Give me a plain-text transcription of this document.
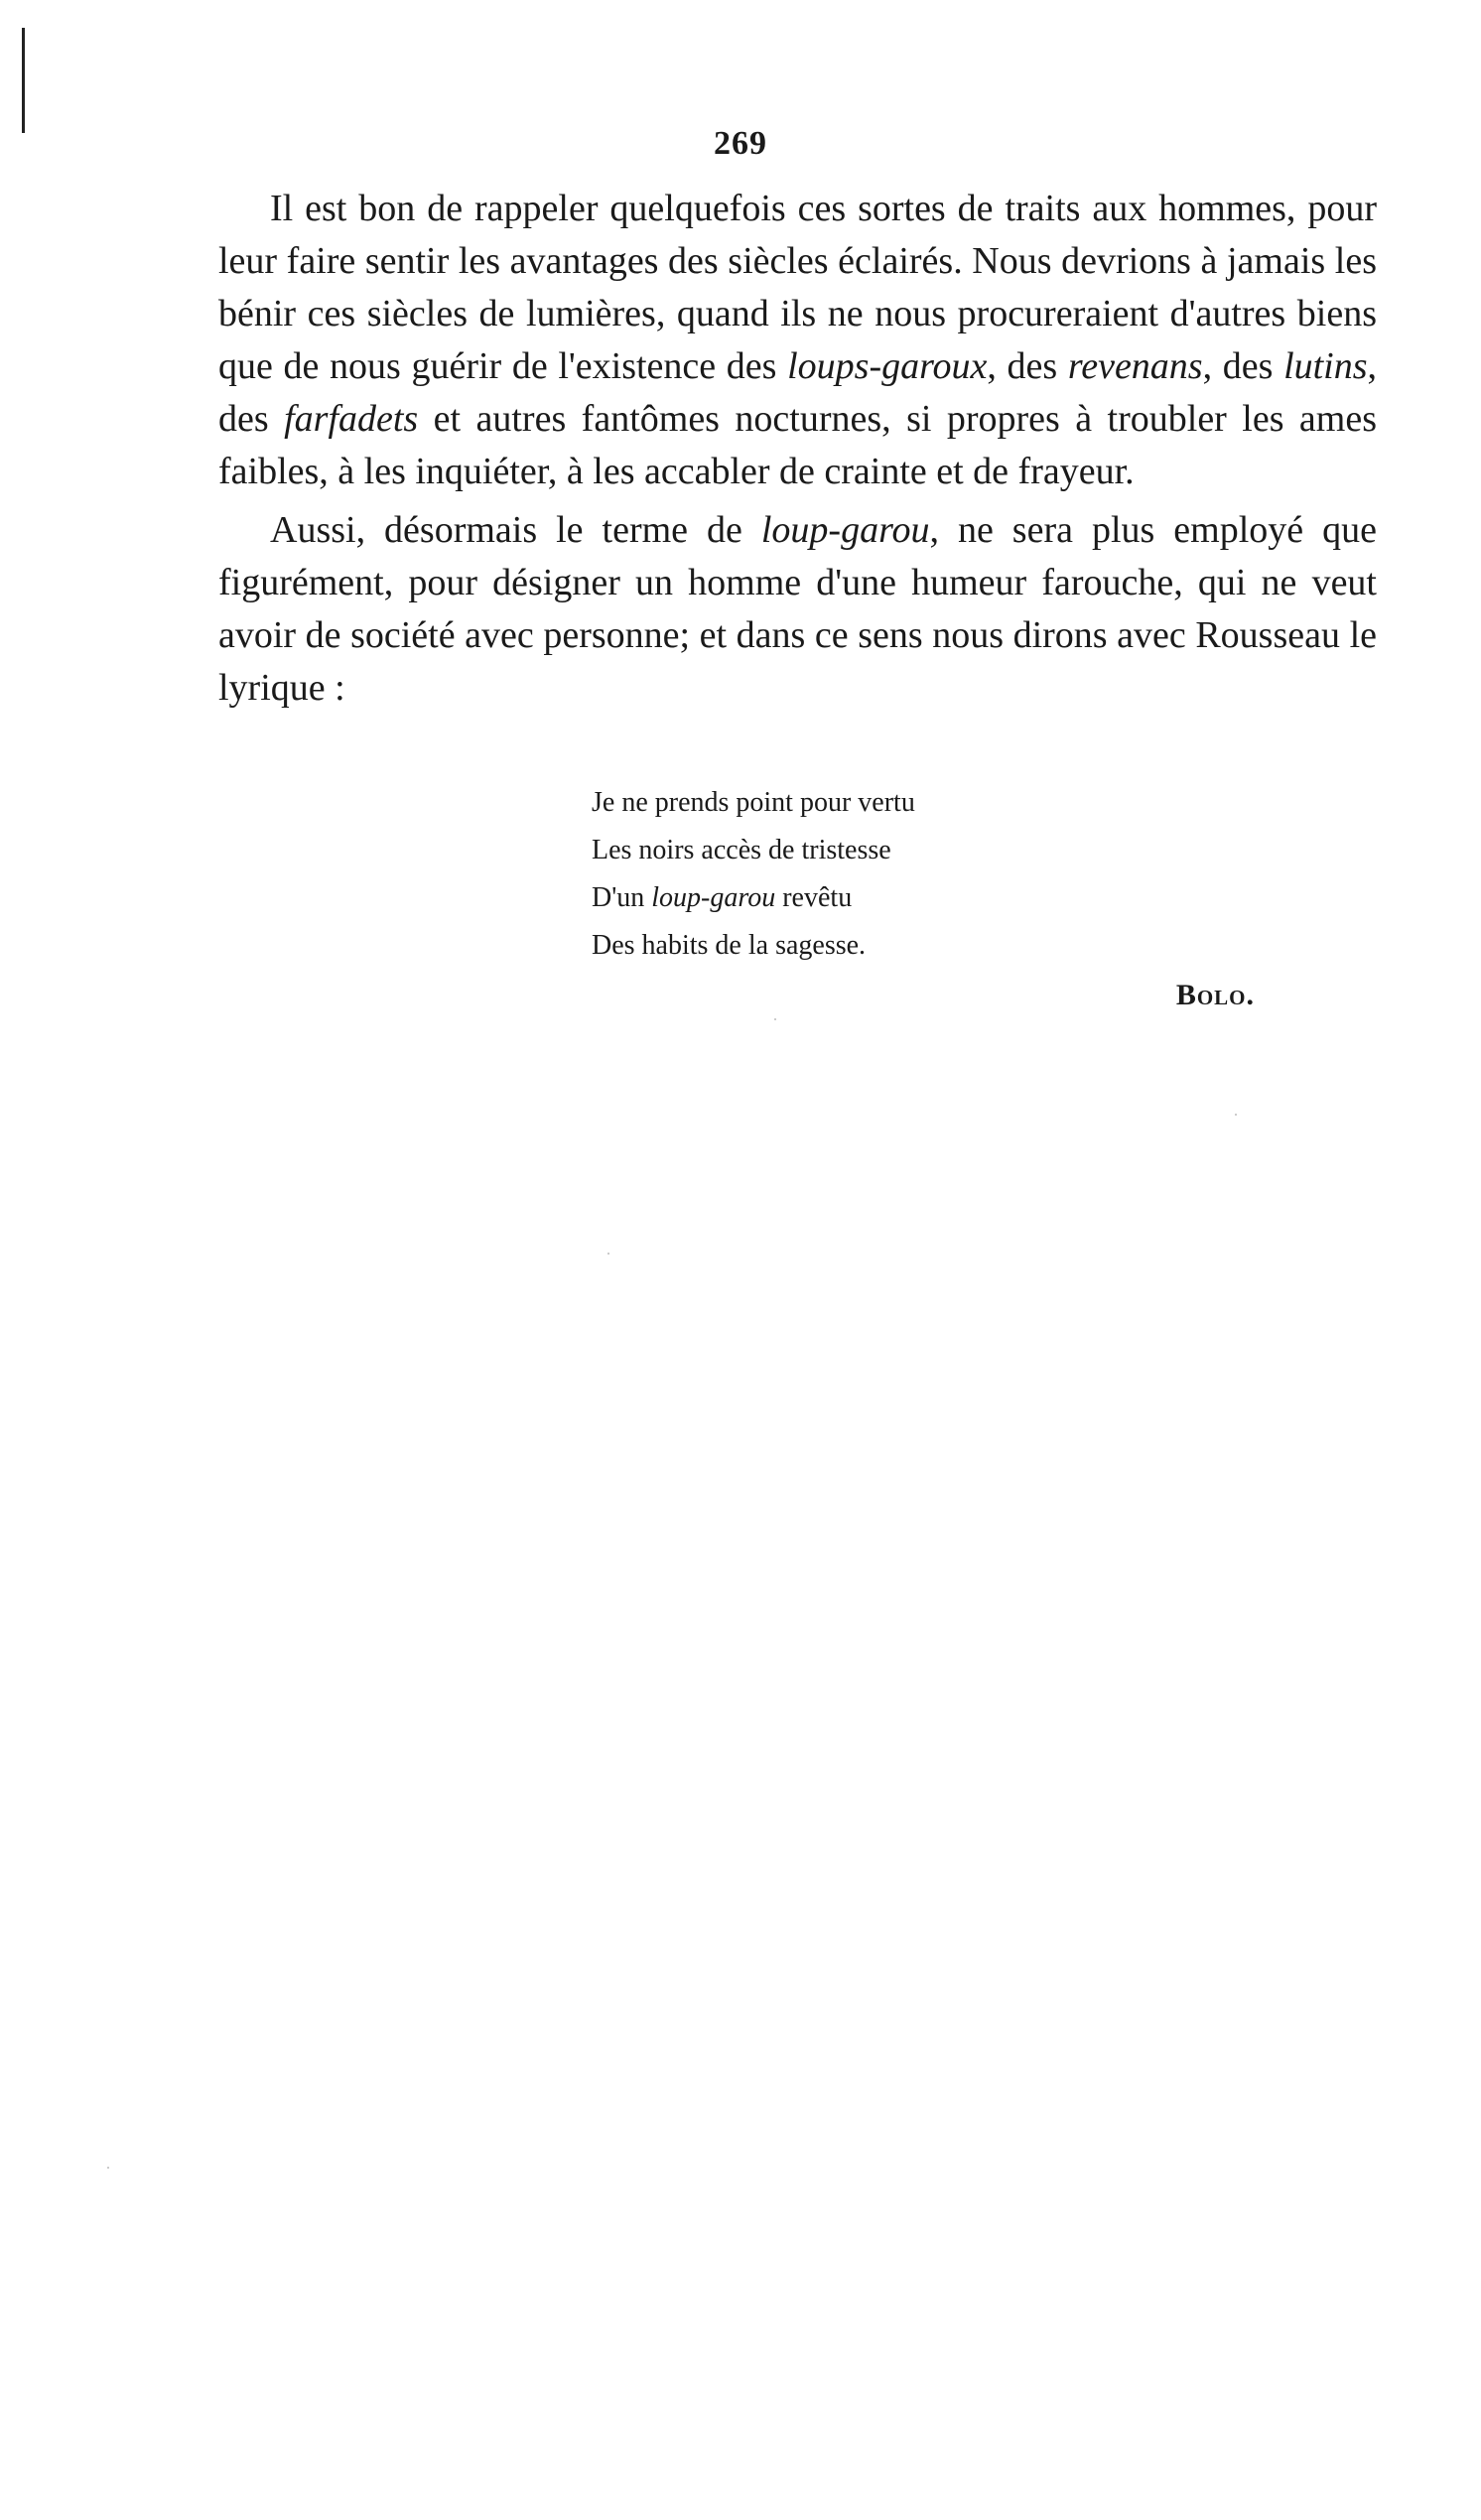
269

Il est bon de rappeler quelquefois ces sortes de traits aux hommes, pour leur faire sentir les avantages des siècles éclairés. Nous devrions à jamais les bénir ces siècles de lumières, quand ils ne nous procureraient d'autres biens que de nous guérir de l'existence des loups-garoux, des revenans, des lutins, des farfadets et autres fantômes nocturnes, si propres à troubler les ames faibles, à les inquiéter, à les accabler de crainte et de frayeur.

Aussi, désormais le terme de loup-garou, ne sera plus employé que figurément, pour désigner un homme d'une humeur farouche, qui ne veut avoir de société avec personne; et dans ce sens nous dirons avec Rousseau le lyrique :

Je ne prends point pour vertu
Les noirs accès de tristesse
D'un loup-garou revêtu
Des habits de la sagesse.
Bolo.
